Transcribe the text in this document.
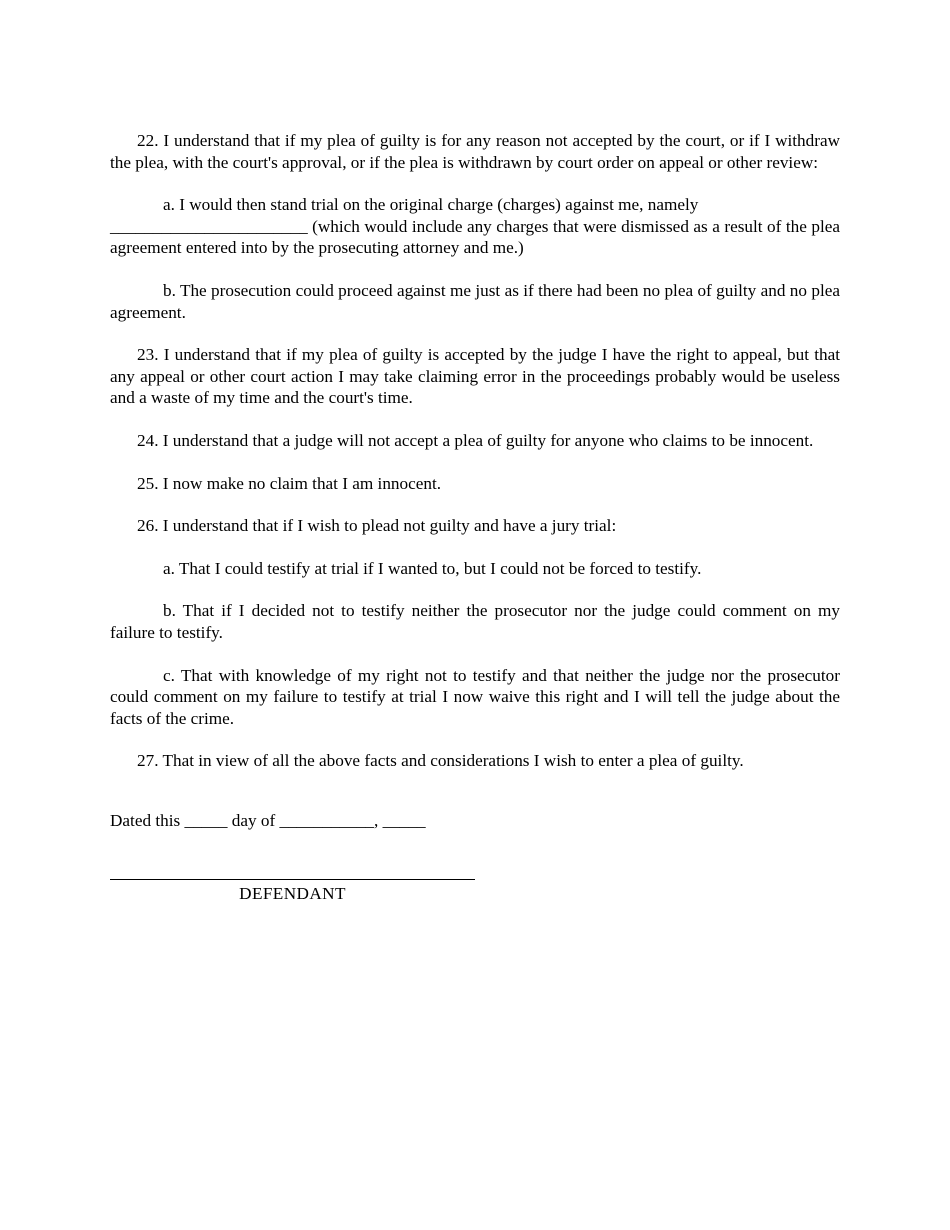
22. I understand that if my plea of guilty is for any reason not accepted by the court, or if I withdraw the plea, with the court's approval, or if the plea is withdrawn by court order on appeal or other review:

a. I would then stand trial on the original charge (charges) against me, namely
_______________________ (which would include any charges that were dismissed as a result of the plea agreement entered into by the prosecuting attorney and me.)

b. The prosecution could proceed against me just as if there had been no plea of guilty and no plea agreement.

23. I understand that if my plea of guilty is accepted by the judge I have the right to appeal, but that any appeal or other court action I may take claiming error in the proceedings probably would be useless and a waste of my time and the court's time.

24. I understand that a judge will not accept a plea of guilty for anyone who claims to be innocent.

25. I now make no claim that I am innocent.

26. I understand that if I wish to plead not guilty and have a jury trial:

a. That I could testify at trial if I wanted to, but I could not be forced to testify.

b. That if I decided not to testify neither the prosecutor nor the judge could comment on my failure to testify.

c. That with knowledge of my right not to testify and that neither the judge nor the prosecutor could comment on my failure to testify at trial I now waive this right and I will tell the judge about the facts of the crime.

27. That in view of all the above facts and considerations I wish to enter a plea of guilty.

Dated this _____ day of ___________, _____

DEFENDANT
